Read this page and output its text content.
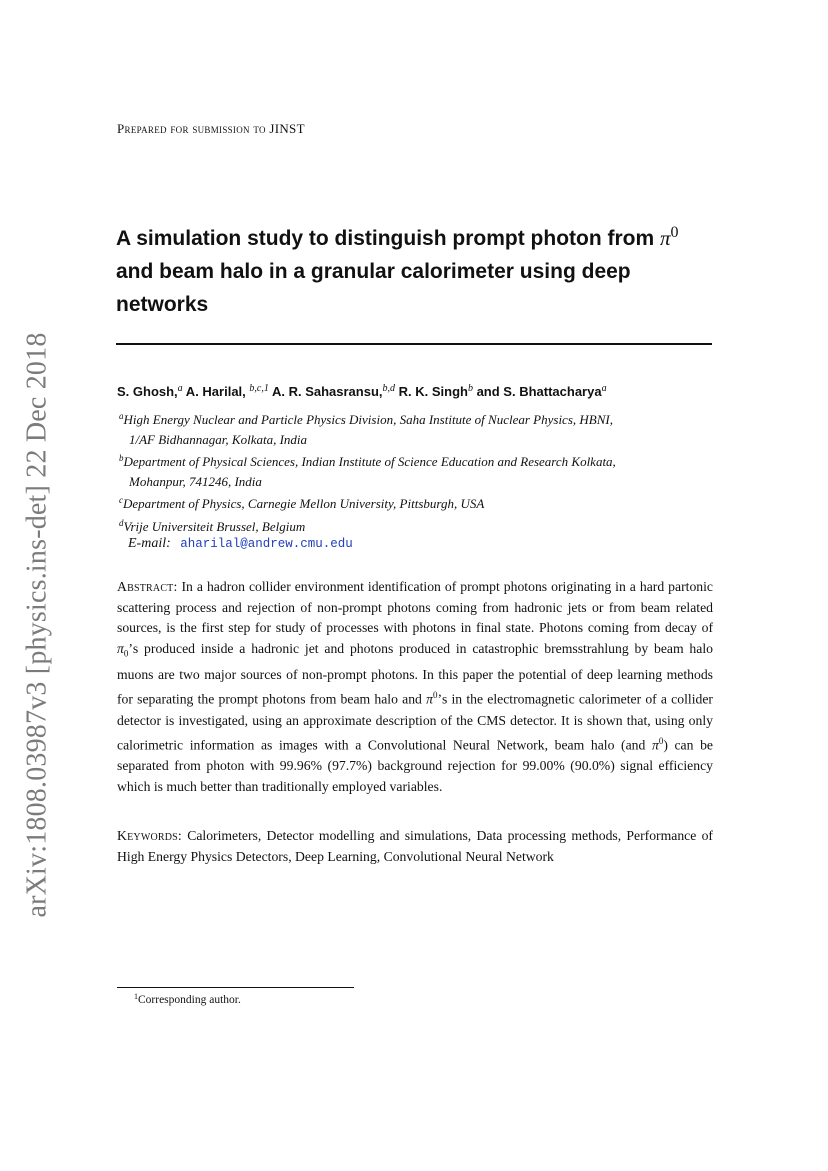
arXiv:1808.03987v3 [physics.ins-det] 22 Dec 2018
Prepared for submission to JINST
A simulation study to distinguish prompt photon from $\pi^0$
and beam halo in a granular calorimeter using deep
networks
S. Ghosh,$^a$ A. Harilal, $^{b,c,1}$ A. R. Sahasransu,$^{b,d}$ R. K. Singh$^b$ and S. Bhattacharya$^a$
$^a$High Energy Nuclear and Particle Physics Division, Saha Institute of Nuclear Physics, HBNI,
1/AF Bidhannagar, Kolkata, India
$^b$Department of Physical Sciences, Indian Institute of Science Education and Research Kolkata,
Mohanpur, 741246, India
$^c$Department of Physics, Carnegie Mellon University, Pittsburgh, USA
$^d$Vrije Universiteit Brussel, Belgium
E-mail: aharilal@andrew.cmu.edu
Abstract: In a hadron collider environment identification of prompt photons originating in a hard partonic scattering process and rejection of non-prompt photons coming from hadronic jets or from beam related sources, is the first step for study of processes with photons in final state. Photons coming from decay of $\pi_0’s$ produced inside a hadronic jet and photons produced in catastrophic bremsstrahlung by beam halo muons are two major sources of non-prompt photons. In this paper the potential of deep learning methods for separating the prompt photons from beam halo and $\pi^0’s$ in the electromagnetic calorimeter of a collider detector is investigated, using an approximate description of the CMS detector. It is shown that, using only calorimetric information as images with a Convolutional Neural Network, beam halo (and $\pi^0$) can be separated from photon with 99.96% (97.7%) background rejection for 99.00% (90.0%) signal efficiency which is much better than traditionally employed variables.
Keywords: Calorimeters, Detector modelling and simulations, Data processing methods, Performance of High Energy Physics Detectors, Deep Learning, Convolutional Neural Network
$^1$Corresponding author.
